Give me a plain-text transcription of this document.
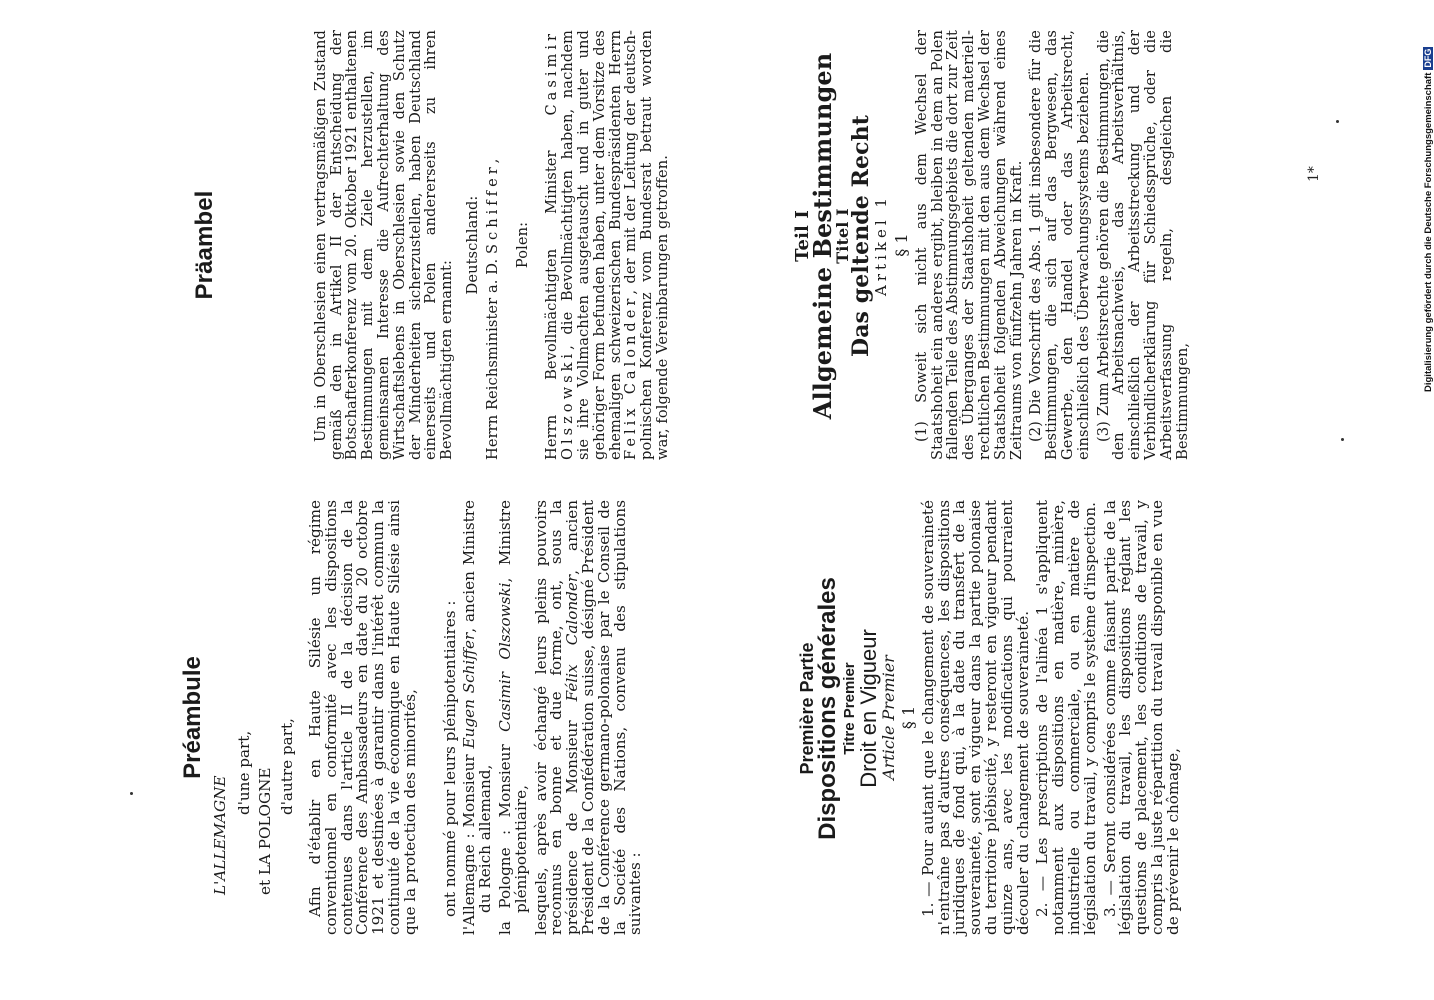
Digitalisierung gefördert durch die Deutsche ForschungsgemeinschaftDFG
1*
Préambule

L'ALLEMAGNE

d'une part, et LA POLOGNE

d'autre part, Afin d'établir en Haute Silésie un régime conventionnel en conformité avec les dispositions contenues dans l'article II de la décision de la Conférence des Ambassadeurs en date du 20 octobre 1921 et destinées à garantir dans l'intérêt commun la continuité de la vie économique en Haute Silésie ainsi que la protection des minorités, ont nommé pour leurs plénipotentiaires : l'Allemagne : Monsieur Eugen Schiffer, ancien Ministre du Reich allemand, la Pologne : Monsieur Casimir Olszowski, Ministre plénipotentiaire, lesquels, après avoir échangé leurs pleins pouvoirs reconnus en bonne et due forme, ont, sous la présidence de Monsieur Félix Calonder, ancien Président de la Confédération suisse, désigné Président de la Conférence germano-polonaise par le Conseil de la Société des Nations, convenu des stipulations suivantes :

Première Partie

Dispositions générales Titre Premier

Droit en Vigueur

Article Premier § 1 1. — Pour autant que le changement de souveraineté n'entraîne pas d'autres conséquences, les dispositions juridiques de fond qui, à la date du transfert de la souveraineté, sont en vigueur dans la partie polonaise du territoire plébiscité, y resteront en vigueur pendant quinze ans, avec les modifications qui pourraient découler du changement de souveraineté. 2. — Les prescriptions de l'alinéa 1 s'appliquent notamment aux dispositions en matière, minière, industrielle ou commerciale, ou en matière de législation du travail, y compris le système d'inspection. 3. — Seront considérées comme faisant partie de la législation du travail, les dispositions réglant les questions de placement, les conditions de travail, y compris la juste répartition du travail disponible en vue de prévenir le chômage,

Präambel	Um in Oberschlesien einen vertragsmäßigen Zustand gemäß den in Artikel II der Entscheidung der Botschafterkonferenz vom 20. Oktober 1921 enthaltenen Bestimmungen mit dem Ziele herzustellen, im gemeinsamen Interesse die Aufrechterhaltung des Wirtschaftslebens in Oberschlesien sowie den Schutz der Minderheiten sicherzustellen, haben Deutschland einerseits und Polen andererseits zu ihren Bevollmächtigten ernannt:

Deutschland:

Herrn Reichsminister a. D. Schiffer,

Polen: Herrn Bevollmächtigten Minister Casimir Olszowski, die Bevollmächtigten haben, nachdem sie ihre Vollmachten ausgetauscht und in guter und gehöriger Form befunden haben, unter dem Vorsitze des ehemaligen schweizerischen Bundespräsidenten Herrn Felix Calonder, der mit der Leitung der deutsch-polnischen Konferenz vom Bundesrat betraut worden war, folgende Vereinbarungen getroffen.	Teil I

Allgemeine Bestimmungen

Titel I

Das geltende Recht

Artikel 1 § 1 (1) Soweit sich nicht aus dem Wechsel der Staatshoheit ein anderes ergibt, bleiben in dem an Polen fallenden Teile des Abstimmungsgebiets die dort zur Zeit des Überganges der Staatshoheit geltenden materiell-rechtlichen Bestimmungen mit den aus dem Wechsel der Staatshoheit folgenden Abweichungen während eines Zeitraums von fünfzehn Jahren in Kraft. (2) Die Vorschrift des Abs. 1 gilt insbesondere für die Bestimmungen, die sich auf das Bergwesen, das Gewerbe, den Handel oder das Arbeitsrecht, einschließlich des Überwachungssystems beziehen. (3) Zum Arbeitsrechte gehören die Bestimmungen, die den Arbeitsnachweis, das Arbeitsverhältnis, einschließlich der Arbeitsstreckung und der Verbindlicherklärung für Schiedssprüche, oder die Arbeitsverfassung regeln, desgleichen die Bestimmungen,
